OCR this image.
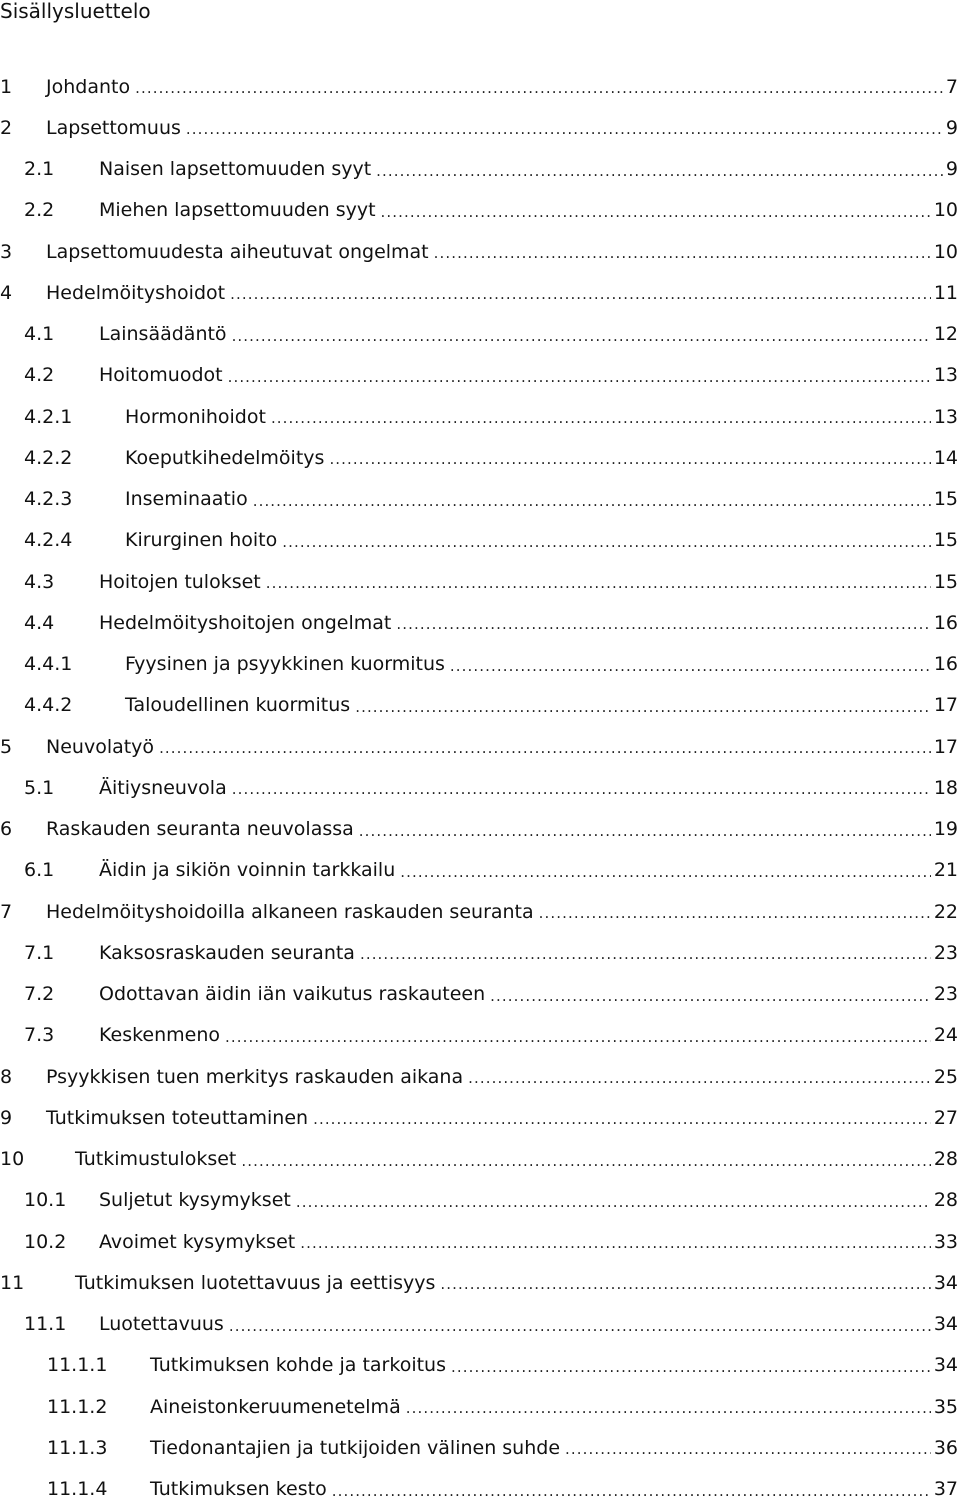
Sisällysluettelo
1	Johdanto .....	7
2	Lapsettomuus .....	9
2.1	Naisen lapsettomuuden syyt .....	9
2.2	Miehen lapsettomuuden syyt .....	10
3	Lapsettomuudesta aiheutuvat ongelmat .....	10
4	Hedelmöityshoidot .....	11
4.1	Lainsäädäntö .....	12
4.2	Hoitomuodot .....	13
4.2.1	Hormonihoidot .....	13
4.2.2	Koeputkihedelmöitys .....	14
4.2.3	Inseminaatio .....	15
4.2.4	Kirurginen hoito .....	15
4.3	Hoitojen tulokset .....	15
4.4	Hedelmöityshoitojen ongelmat .....	16
4.4.1	Fyysinen ja psyykkinen kuormitus .....	16
4.4.2	Taloudellinen kuormitus .....	17
5	Neuvolatyö .....	17
5.1	Äitiysneuvola .....	18
6	Raskauden seuranta neuvolassa .....	19
6.1	Äidin ja sikiön voinnin tarkkailu .....	21
7	Hedelmöityshoidoilla alkaneen raskauden seuranta .....	22
7.1	Kaksosraskauden seuranta .....	23
7.2	Odottavan äidin iän vaikutus raskauteen .....	23
7.3	Keskenmeno .....	24
8	Psyykkisen tuen merkitys raskauden aikana .....	25
9	Tutkimuksen toteuttaminen .....	27
10	Tutkimustulokset .....	28
10.1	Suljetut kysymykset .....	28
10.2	Avoimet kysymykset .....	33
11	Tutkimuksen luotettavuus ja eettisyys .....	34
11.1	Luotettavuus .....	34
11.1.1	Tutkimuksen kohde ja tarkoitus .....	34
11.1.2	Aineistonkeruumenetelmä .....	35
11.1.3	Tiedonantajien ja tutkijoiden välinen suhde .....	36
11.1.4	Tutkimuksen kesto .....	37
